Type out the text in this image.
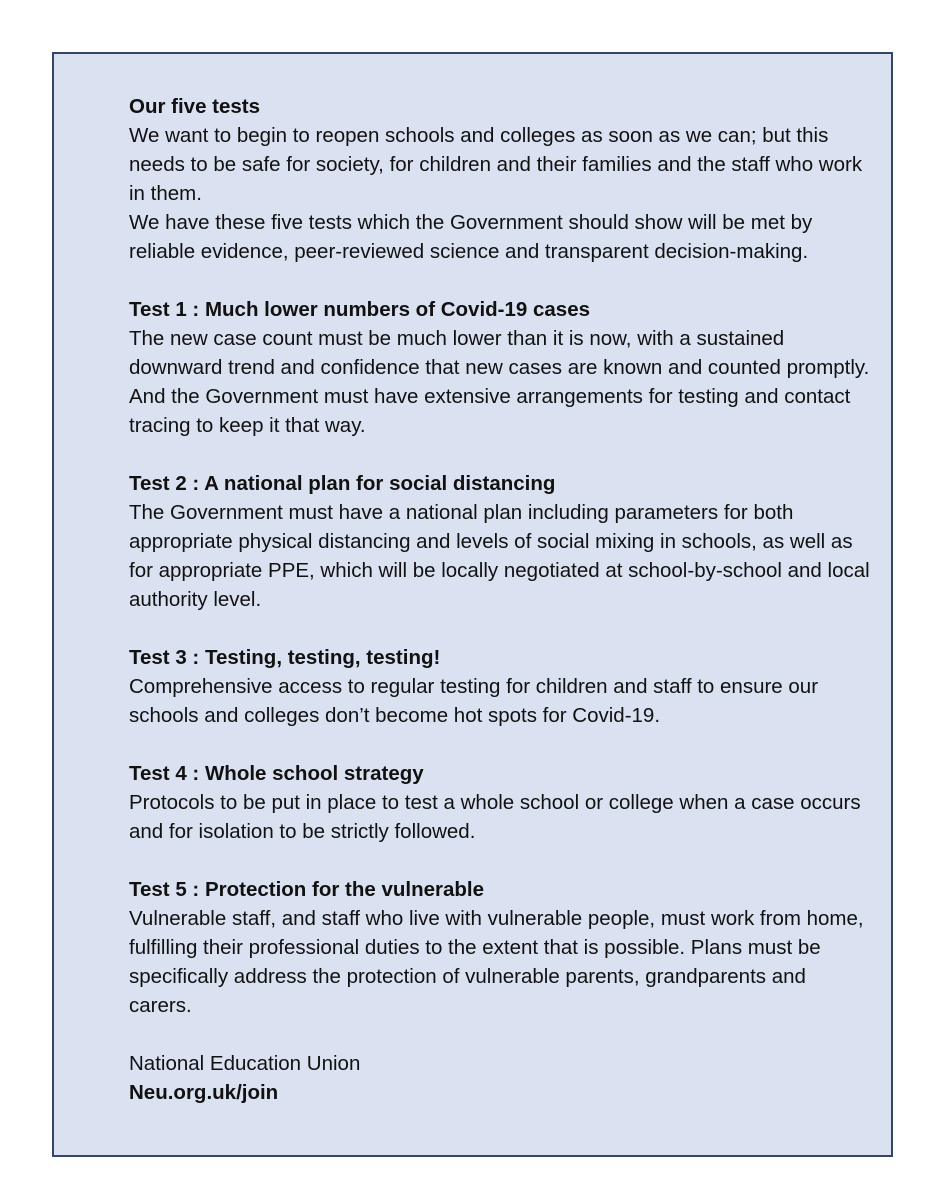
Our five tests
We want to begin to reopen schools and colleges as soon as we can; but this needs to be safe for society, for children and their families and the staff who work in them.
We have these five tests which the Government should show will be met by reliable evidence, peer-reviewed science and transparent decision-making.
Test 1 : Much lower numbers of Covid-19 cases
The new case count must be much lower than it is now, with a sustained downward trend and confidence that new cases are known and counted promptly. And the Government must have extensive arrangements for testing and contact tracing to keep it that way.
Test 2 : A national plan for social distancing
The Government must have a national plan including parameters for both appropriate physical distancing and levels of social mixing in schools, as well as for appropriate PPE, which will be locally negotiated at school-by-school and local authority level.
Test 3 : Testing, testing, testing!
Comprehensive access to regular testing for children and staff to ensure our schools and colleges don’t become hot spots for Covid-19.
Test 4 : Whole school strategy
Protocols to be put in place to test a whole school or college when a case occurs and for isolation to be strictly followed.
Test 5 : Protection for the vulnerable
Vulnerable staff, and staff who live with vulnerable people, must work from home, fulfilling their professional duties to the extent that is possible. Plans must be specifically address the protection of vulnerable parents, grandparents and carers.
National Education Union
Neu.org.uk/join
